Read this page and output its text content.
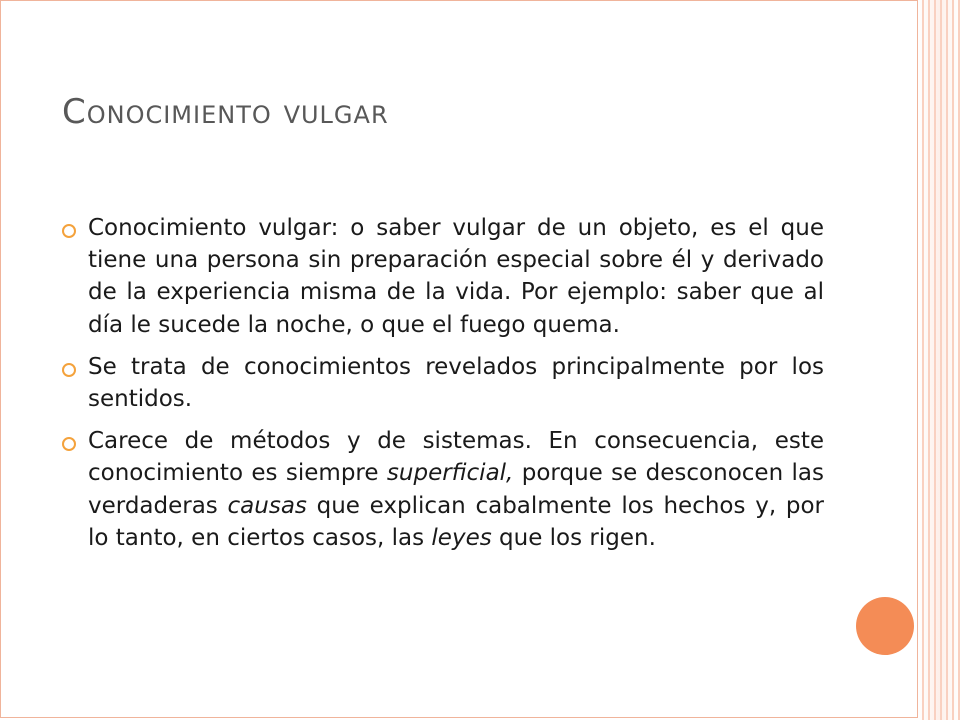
Conocimiento vulgar
Conocimiento vulgar: o saber vulgar de un objeto, es el que tiene una persona sin preparación especial sobre él y derivado de la experiencia misma de la vida. Por ejemplo: saber que al día le sucede la noche, o que el fuego quema.
Se trata de conocimientos revelados principalmente por los sentidos.
Carece de métodos y de sistemas. En consecuencia, este conocimiento es siempre superficial, porque se desconocen las verdaderas causas que explican cabalmente los hechos y, por lo tanto, en ciertos casos, las leyes que los rigen.
